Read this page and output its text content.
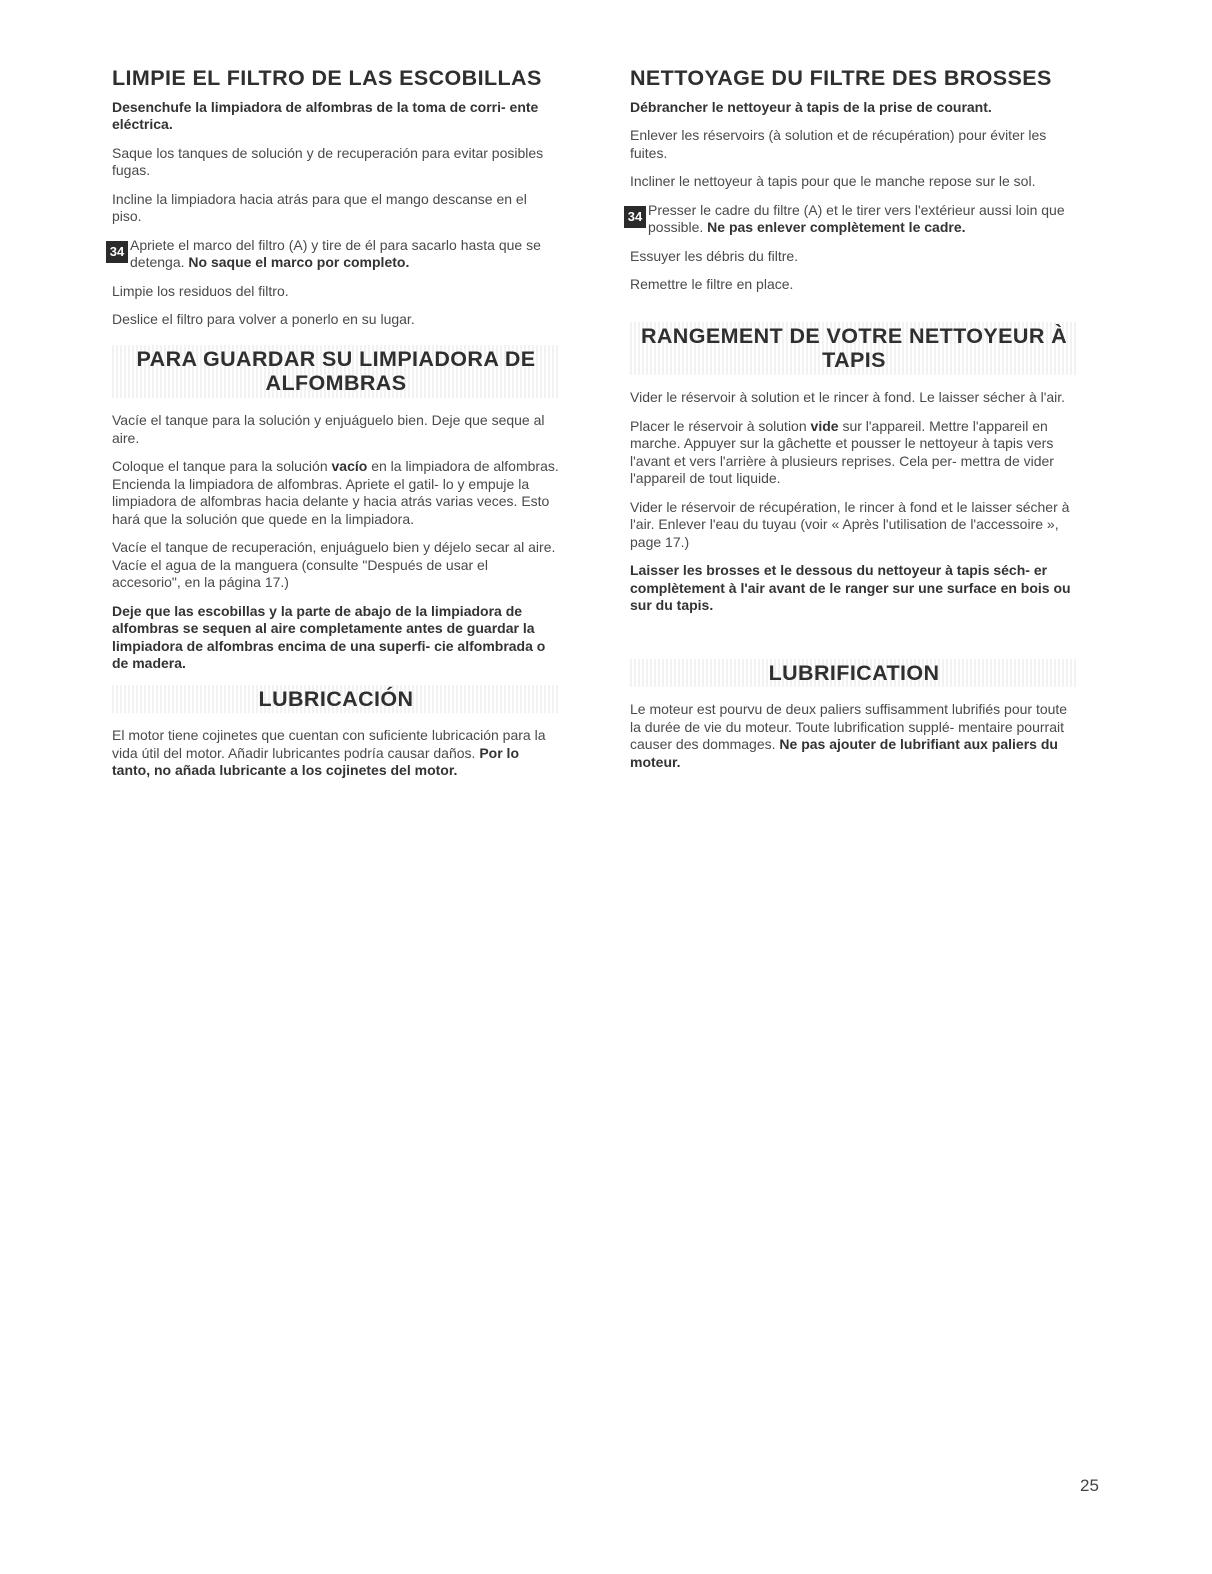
LIMPIE EL FILTRO DE LAS ESCOBILLAS

Desenchufe la limpiadora de alfombras de la toma de corri- ente eléctrica.

Saque los tanques de solución y de recuperación para evitar posibles fugas.

Incline la limpiadora hacia atrás para que el mango descanse en el piso.

34 Apriete el marco del filtro (A) y tire de él para sacarlo hasta que se detenga. No saque el marco por completo.

Limpie los residuos del filtro.

Deslice el filtro para volver a ponerlo en su lugar.

PARA GUARDAR SU LIMPIADORA DE ALFOMBRAS

Vacíe el tanque para la solución y enjuáguelo bien. Deje que seque al aire.

Coloque el tanque para la solución vacío en la limpiadora de alfombras. Encienda la limpiadora de alfombras. Apriete el gatil- lo y empuje la limpiadora de alfombras hacia delante y hacia atrás varias veces. Esto hará que la solución que quede en la limpiadora.

Vacíe el tanque de recuperación, enjuáguelo bien y déjelo secar al aire. Vacíe el agua de la manguera (consulte "Después de usar el accesorio", en la página 17.)

Deje que las escobillas y la parte de abajo de la limpiadora de alfombras se sequen al aire completamente antes de guardar la limpiadora de alfombras encima de una superfi- cie alfombrada o de madera.

LUBRICACIÓN

El motor tiene cojinetes que cuentan con suficiente lubricación para la vida útil del motor. Añadir lubricantes podría causar daños. Por lo tanto, no añada lubricante a los cojinetes del motor.

NETTOYAGE DU FILTRE DES BROSSES

Débrancher le nettoyeur à tapis de la prise de courant.

Enlever les réservoirs (à solution et de récupération) pour éviter les fuites.

Incliner le nettoyeur à tapis pour que le manche repose sur le sol.

34 Presser le cadre du filtre (A) et le tirer vers l'extérieur aussi loin que possible. Ne pas enlever complètement le cadre.

Essuyer les débris du filtre.

Remettre le filtre en place.

RANGEMENT DE VOTRE NETTOYEUR À TAPIS

Vider le réservoir à solution et le rincer à fond. Le laisser sécher à l'air.

Placer le réservoir à solution vide sur l'appareil. Mettre l'appareil en marche. Appuyer sur la gâchette et pousser le nettoyeur à tapis vers l'avant et vers l'arrière à plusieurs reprises. Cela per- mettra de vider l'appareil de tout liquide.

Vider le réservoir de récupération, le rincer à fond et le laisser sécher à l'air. Enlever l'eau du tuyau (voir « Après l'utilisation de l'accessoire », page 17.)

Laisser les brosses et le dessous du nettoyeur à tapis séch- er complètement à l'air avant de le ranger sur une surface en bois ou sur du tapis.

LUBRIFICATION

Le moteur est pourvu de deux paliers suffisamment lubrifiés pour toute la durée de vie du moteur. Toute lubrification supplé- mentaire pourrait causer des dommages. Ne pas ajouter de lubrifiant aux paliers du moteur.

25
